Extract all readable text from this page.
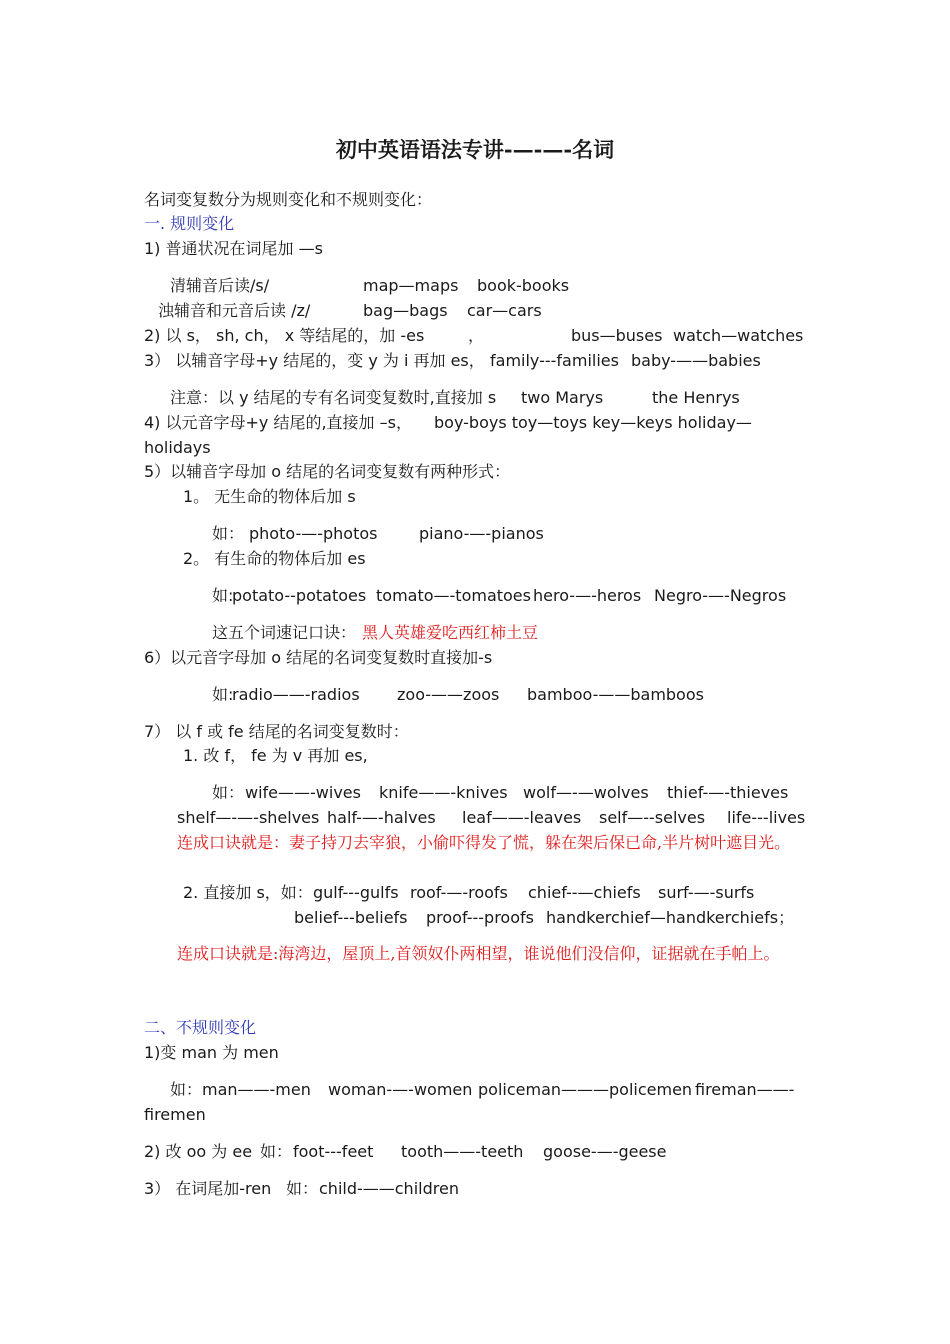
初中英语语法专讲-—-—-名词
名词变复数分为规则变化和不规则变化：
一. 规则变化
1) 普通状况在词尾加 —s
清辅音后读/s/	map—maps book-books
浊辅音和元音后读 /z/	bag—bags car—cars
2) 以 s， sh, ch， x 等结尾的，加 -es	，	bus—buses watch—watches
3） 以辅音字母+y 结尾的，变 y 为 i 再加 es， family---families baby-——babies
注意：以 y 结尾的专有名词变复数时,直接加 s two Marys	the Henrys
4) 以元音字母+y 结尾的,直接加 –s， boy-boys toy—toys key—keys holiday—
holidays
5）以辅音字母加 o 结尾的名词变复数有两种形式：
1。 无生命的物体后加 s
如： photo-—-photos	piano-—-pianos
2。 有生命的物体后加 es
如:
potato--potatoes tomato—-tomatoes hero-—-heros Negro-—-Negros
这五个词速记口诀： 黑人英雄爱吃西红柿土豆
6）以元音字母加 o 结尾的名词变复数时直接加-s
如:
radio——-radios zoo-——zoos bamboo-——bamboos
7） 以 f 或 fe 结尾的名词变复数时：
1. 改 f， fe 为 v 再加 es,
如： wife——-wives knife——-knives wolf—-—wolves thief-—-thieves
shelf—-—-shelves half-—-halves leaf——-leaves self—--selves life---lives
连成口诀就是：妻子持刀去宰狼，小偷吓得发了慌，躲在架后保已命,半片树叶遮目光。
2. 直接加 s，如： gulf---gulfs roof-—-roofs chief--—chiefs surf-—-surfs
belief---beliefs proof---proofs handkerchief—handkerchiefs；
连成口诀就是:海湾边，屋顶上,首领奴仆两相望，谁说他们没信仰，证据就在手帕上。
二、不规则变化
1)变 man 为 men
如： man——-men woman-—-women policeman———policemen fireman——-
firemen
2) 改 oo 为 ee 如： foot---feet tooth——-teeth goose-—-geese
3） 在词尾加-ren 如： child-——children
